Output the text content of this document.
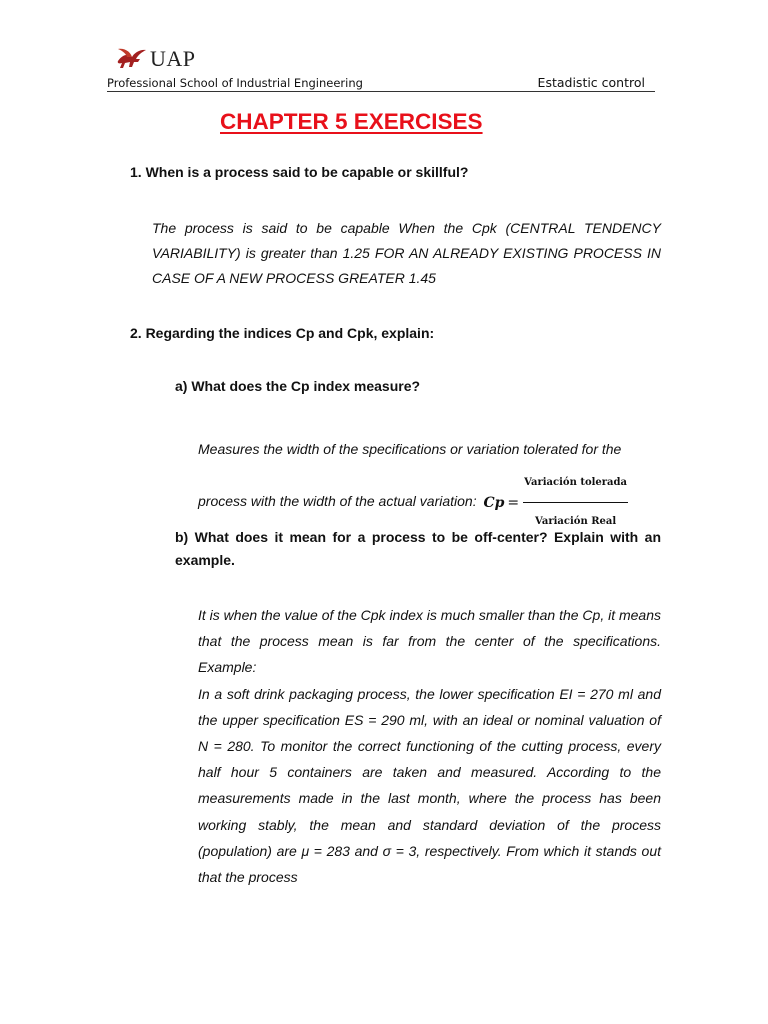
UAP
Professional School of Industrial Engineering	Estadistic control
CHAPTER 5 EXERCISES
1. When is a process said to be capable or skillful?
The process is said to be capable When the Cpk (CENTRAL TENDENCY VARIABILITY) is greater than 1.25 FOR AN ALREADY EXISTING PROCESS IN CASE OF A NEW PROCESS GREATER 1.45
2. Regarding the indices Cp and Cpk, explain:
a) What does the Cp index measure?
Measures the width of the specifications or variation tolerated for the process with the width of the actual variation: $Cp = \frac{\text{Variación tolerada}}{\text{Variación Real}}$
b) What does it mean for a process to be off-center? Explain with an example.

It is when the value of the Cpk index is much smaller than the Cp, it means that the process mean is far from the center of the specifications. Example:

In a soft drink packaging process, the lower specification EI = 270 ml and the upper specification ES = 290 ml, with an ideal or nominal valuation of N = 280. To monitor the correct functioning of the cutting process, every half hour 5 containers are taken and measured. According to the measurements made in the last month, where the process has been working stably, the mean and standard deviation of the process (population) are μ = 283 and σ = 3, respectively. From which it stands out that the process
